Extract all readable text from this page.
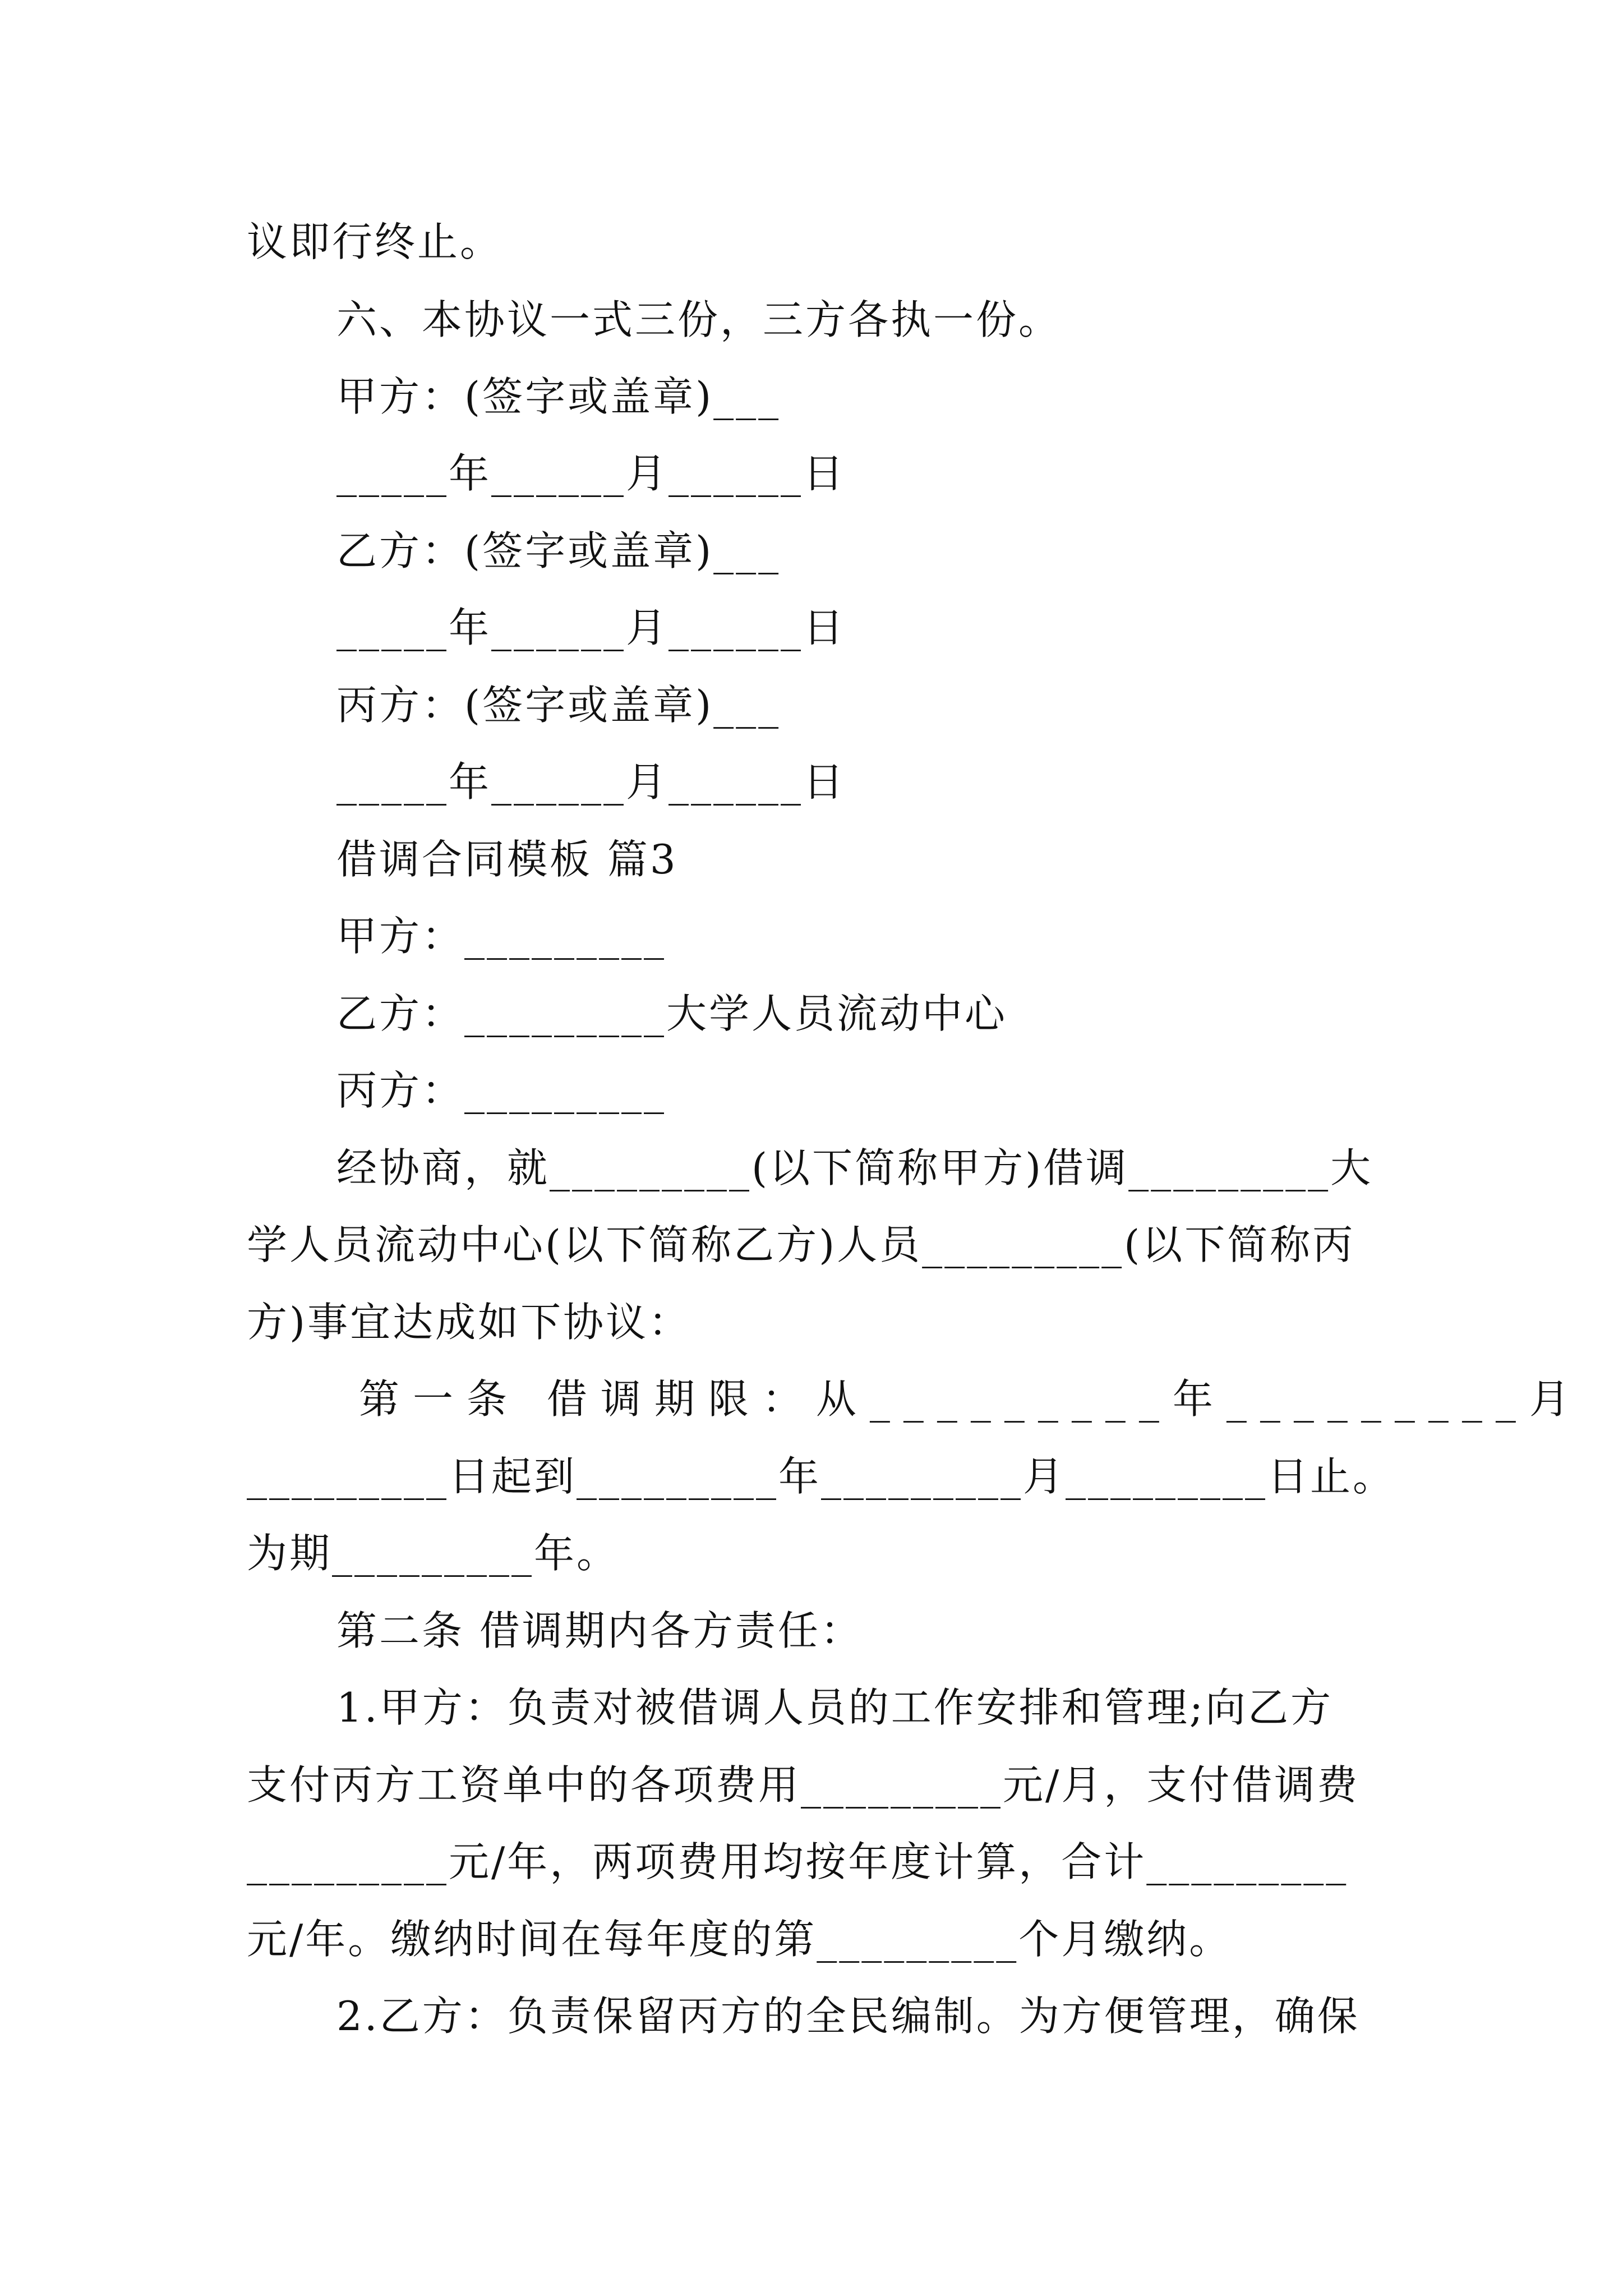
议即行终止。
六、本协议一式三份，三方各执一份。
甲方：(签字或盖章)___
_____年______月______日
乙方：(签字或盖章)___
_____年______月______日
丙方：(签字或盖章)___
_____年______月______日
借调合同模板 篇3
甲方：_________
乙方：_________大学人员流动中心
丙方：_________
经协商，就_________(以下简称甲方)借调_________大
学人员流动中心(以下简称乙方)人员_________(以下简称丙
方)事宜达成如下协议：
第一条 借调期限：从_________年_________月
_________日起到_________年_________月_________日止。
为期_________年。
第二条 借调期内各方责任：
1.甲方：负责对被借调人员的工作安排和管理;向乙方
支付丙方工资单中的各项费用_________元/月，支付借调费
_________元/年，两项费用均按年度计算，合计_________
元/年。缴纳时间在每年度的第_________个月缴纳。
2.乙方：负责保留丙方的全民编制。为方便管理，确保
